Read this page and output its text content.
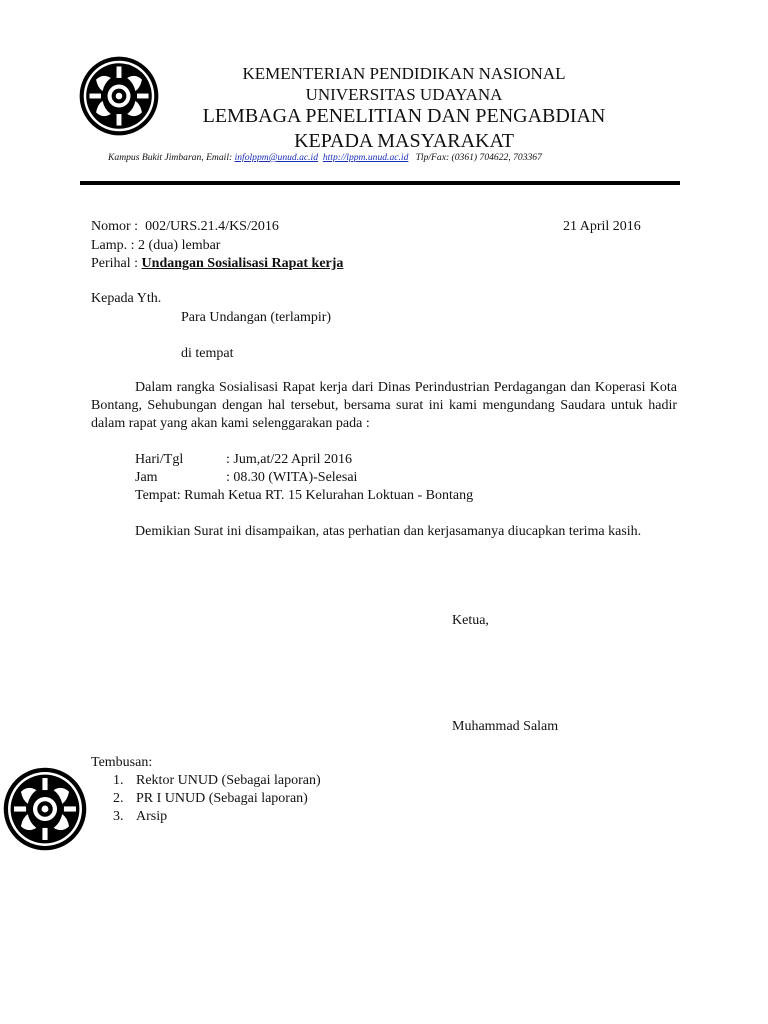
KEMENTERIAN PENDIDIKAN NASIONAL
UNIVERSITAS UDAYANA
LEMBAGA PENELITIAN DAN PENGABDIAN
KEPADA MASYARAKAT
Kampus Bukit Jimbaran, Email: infolppm@unud.ac.id http://lppm.unud.ac.id Tlp/Fax: (0361) 704622, 703367
Nomor : 002/URS.21.4/KS/2016	21 April 2016
Lamp. : 2 (dua) lembar
Perihal : Undangan Sosialisasi Rapat kerja
Kepada Yth.
Para Undangan (terlampir)
di tempat
Dalam rangka Sosialisasi Rapat kerja dari Dinas Perindustrian Perdagangan dan Koperasi Kota Bontang, Sehubungan dengan hal tersebut, bersama surat ini kami mengundang Saudara untuk hadir dalam rapat yang akan kami selenggarakan pada :
Hari/Tgl	: Jum,at/22 April 2016
Jam	: 08.30 (WITA)-Selesai
Tempat: Rumah Ketua RT. 15 Kelurahan Loktuan - Bontang
Demikian Surat ini disampaikan, atas perhatian dan kerjasamanya diucapkan terima kasih.
Ketua,
Muhammad Salam
Tembusan:
1. Rektor UNUD (Sebagai laporan)
2. PR I UNUD (Sebagai laporan)
3. Arsip
